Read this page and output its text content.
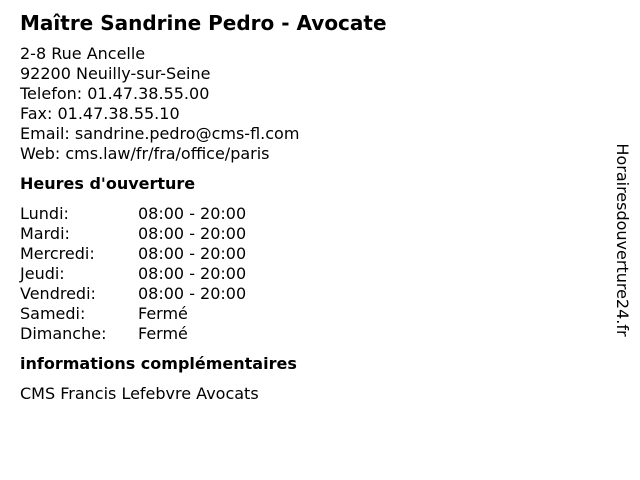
Maître Sandrine Pedro - Avocate
2-8 Rue Ancelle
92200 Neuilly-sur-Seine
Telefon: 01.47.38.55.00
Fax: 01.47.38.55.10
Email: sandrine.pedro@cms-fl.com
Web: cms.law/fr/fra/office/paris
Heures d'ouverture
Lundi:	08:00 - 20:00
Mardi:	08:00 - 20:00
Mercredi:	08:00 - 20:00
Jeudi:	08:00 - 20:00
Vendredi:	08:00 - 20:00
Samedi:	Fermé
Dimanche:	Fermé
informations complémentaires
CMS Francis Lefebvre Avocats
Horairesdouverture24.fr
